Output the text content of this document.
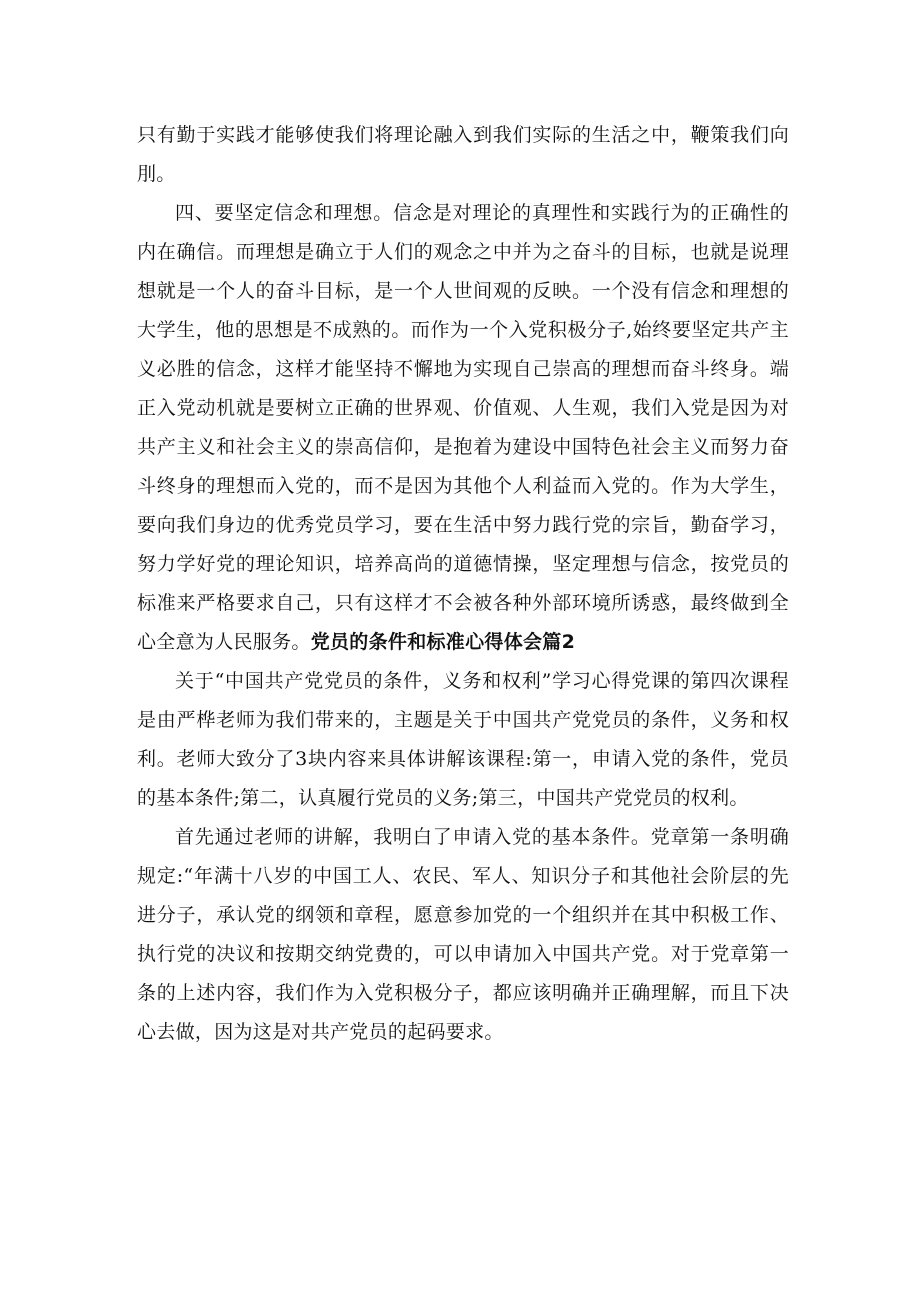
只有勤于实践才能够使我们将理论融入到我们实际的生活之中，鞭策我们向刖。

四、要坚定信念和理想。信念是对理论的真理性和实践行为的正确性的内在确信。而理想是确立于人们的观念之中并为之奋斗的目标，也就是说理想就是一个人的奋斗目标，是一个人世间观的反映。一个没有信念和理想的大学生，他的思想是不成熟的。而作为一个入党积极分子,始终要坚定共产主义必胜的信念，这样才能坚持不懈地为实现自己崇高的理想而奋斗终身。端正入党动机就是要树立正确的世界观、价值观、人生观，我们入党是因为对共产主义和社会主义的崇高信仰，是抱着为建设中国特色社会主义而努力奋斗终身的理想而入党的，而不是因为其他个人利益而入党的。作为大学生，要向我们身边的优秀党员学习，要在生活中努力践行党的宗旨，勤奋学习，努力学好党的理论知识，培养高尚的道德情操，坚定理想与信念，按党员的标准来严格要求自己，只有这样才不会被各种外部环境所诱惑，最终做到全心全意为人民服务。党员的条件和标准心得体会篇2

关于“中国共产党党员的条件，义务和权利”学习心得党课的第四次课程是由严桦老师为我们带来的，主题是关于中国共产党党员的条件，义务和权利。老师大致分了3块内容来具体讲解该课程:第一，申请入党的条件，党员的基本条件;第二，认真履行党员的义务;第三，中国共产党党员的权利。

首先通过老师的讲解，我明白了申请入党的基本条件。党章第一条明确规定:“年满十八岁的中国工人、农民、军人、知识分子和其他社会阶层的先进分子，承认党的纲领和章程，愿意参加党的一个组织并在其中积极工作、执行党的决议和按期交纳党费的，可以申请加入中国共产党。对于党章第一条的上述内容，我们作为入党积极分子，都应该明确并正确理解，而且下决心去做，因为这是对共产党员的起码要求。
